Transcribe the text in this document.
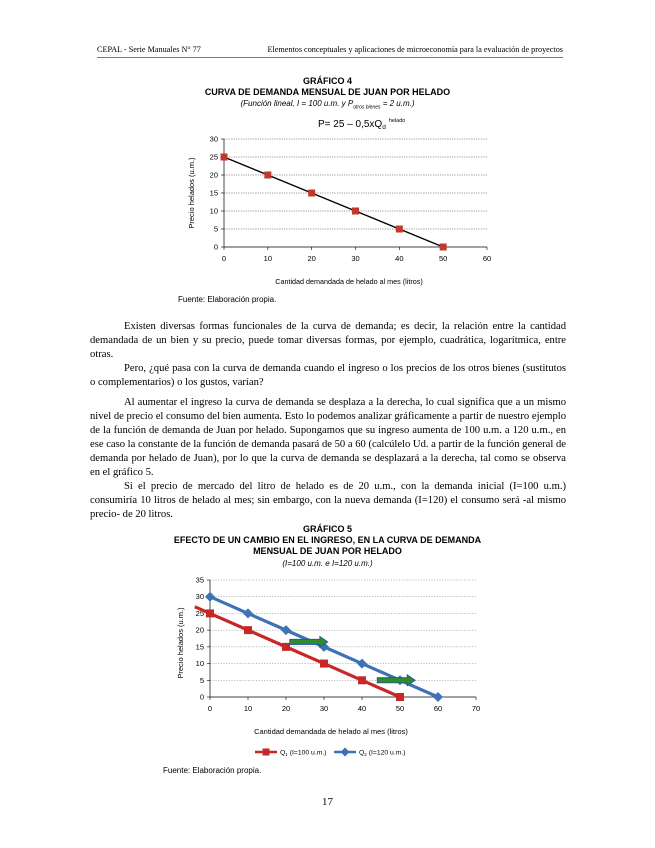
CEPAL - Serie Manuales N° 77	Elementos conceptuales y aplicaciones de microeconomía para la evaluación de proyectos
GRÁFICO 4
CURVA DE DEMANDA MENSUAL DE JUAN POR HELADO
(Función lineal, I = 100 u.m. y $P_{otros bienes} = 2$ u.m.)
$P= 25 - 0,5xQ_d^{helado}$
0
5
10
15
20
25
30
0	10	20	30	40	50	60
Cantidad demandada de helado al mes (litros)
Precio helados (u.m.)
Fuente: Elaboración propia.

Existen diversas formas funcionales de la curva de demanda; es decir, la relación entre la cantidad demandada de un bien y su precio, puede tomar diversas formas, por ejemplo, cuadrática, logarítmica, entre otras.

Pero, ¿qué pasa con la curva de demanda cuando el ingreso o los precios de los otros bienes (sustitutos o complementarios) o los gustos, varían?

Al aumentar el ingreso la curva de demanda se desplaza a la derecha, lo cual significa que a un mismo nivel de precio el consumo del bien aumenta. Esto lo podemos analizar gráficamente a partir de nuestro ejemplo de la función de demanda de Juan por helado. Supongamos que su ingreso aumenta de 100 u.m. a 120 u.m., en ese caso la constante de la función de demanda pasará de 50 a 60 (calcúlelo Ud. a partir de la función general de demanda por helado de Juan), por lo que la curva de demanda se desplazará a la derecha, tal como se observa en el gráfico 5.

Si el precio de mercado del litro de helado es de 20 u.m., con la demanda inicial (I=100 u.m.) consumiría 10 litros de helado al mes; sin embargo, con la nueva demanda (I=120) el consumo será -al mismo precio- de 20 litros.

GRÁFICO 5
EFECTO DE UN CAMBIO EN EL INGRESO, EN LA CURVA DE DEMANDA
MENSUAL DE JUAN POR HELADO
(I=100 u.m. e I=120 u.m.)
0
5
10
15
20
25
30
35
0	10	20	30	40	50	60	70
Cantidad demandada de helado al mes (litros)
Precio helados (u.m.)
$Q_1$ (I=100 u.m.)	$Q_2$ (I=120 u.m.)
Fuente: Elaboración propia.
17
